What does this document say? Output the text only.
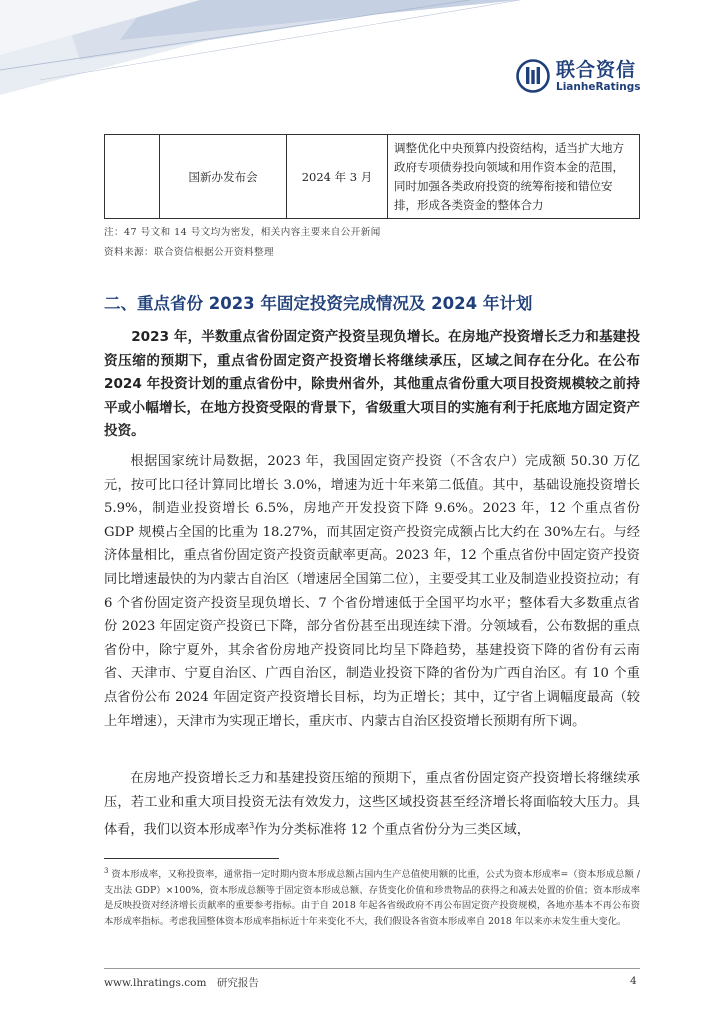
联合资信
LianheRatings
	国新办发布会	2024 年 3 月	调整优化中央预算内投资结构，适当扩大地方政府专项债券投向领域和用作资本金的范围，同时加强各类政府投资的统筹衔接和错位安排，形成各类资金的整体合力
注：47 号文和 14 号文均为密发，相关内容主要来自公开新闻
资料来源：联合资信根据公开资料整理
二、重点省份 2023 年固定投资完成情况及 2024 年计划

2023 年，半数重点省份固定资产投资呈现负增长。在房地产投资增长乏力和基建投资压缩的预期下，重点省份固定资产投资增长将继续承压，区域之间存在分化。在公布 2024 年投资计划的重点省份中，除贵州省外，其他重点省份重大项目投资规模较之前持平或小幅增长，在地方投资受限的背景下，省级重大项目的实施有利于托底地方固定资产投资。

根据国家统计局数据，2023 年，我国固定资产投资（不含农户）完成额 50.30 万亿元，按可比口径计算同比增长 3.0%，增速为近十年来第二低值。其中，基础设施投资增长 5.9%，制造业投资增长 6.5%，房地产开发投资下降 9.6%。2023 年，12 个重点省份 GDP 规模占全国的比重为 18.27%，而其固定资产投资完成额占比大约在 30%左右。与经济体量相比，重点省份固定资产投资贡献率更高。2023 年，12 个重点省份中固定资产投资同比增速最快的为内蒙古自治区（增速居全国第二位），主要受其工业及制造业投资拉动；有 6 个省份固定资产投资呈现负增长、7 个省份增速低于全国平均水平；整体看大多数重点省份 2023 年固定资产投资已下降，部分省份甚至出现连续下滑。分领域看，公布数据的重点省份中，除宁夏外，其余省份房地产投资同比均呈下降趋势，基建投资下降的省份有云南省、天津市、宁夏自治区、广西自治区，制造业投资下降的省份为广西自治区。有 10 个重点省份公布 2024 年固定资产投资增长目标，均为正增长；其中，辽宁省上调幅度最高（较上年增速），天津市为实现正增长，重庆市、内蒙古自治区投资增长预期有所下调。

在房地产投资增长乏力和基建投资压缩的预期下，重点省份固定资产投资增长将继续承压，若工业和重大项目投资无法有效发力，这些区域投资甚至经济增长将面临较大压力。具体看，我们以资本形成率$^3$作为分类标准将 12 个重点省份分为三类区域，

$^3$ 资本形成率，又称投资率，通常指一定时期内资本形成总额占国内生产总值使用额的比重，公式为资本形成率=（资本形成总额 / 支出法 GDP）×100%，资本形成总额等于固定资本形成总额、存货变化价值和珍贵物品的获得之和减去处置的价值；资本形成率是反映投资对经济增长贡献率的重要参考指标。由于自 2018 年起各省级政府不再公布固定资产投资规模，各地亦基本不再公布资本形成率指标。考虑我国整体资本形成率指标近十年来变化不大，我们假设各省资本形成率自 2018 年以来亦未发生重大变化。
www.lhratings.com　研究报告	4
